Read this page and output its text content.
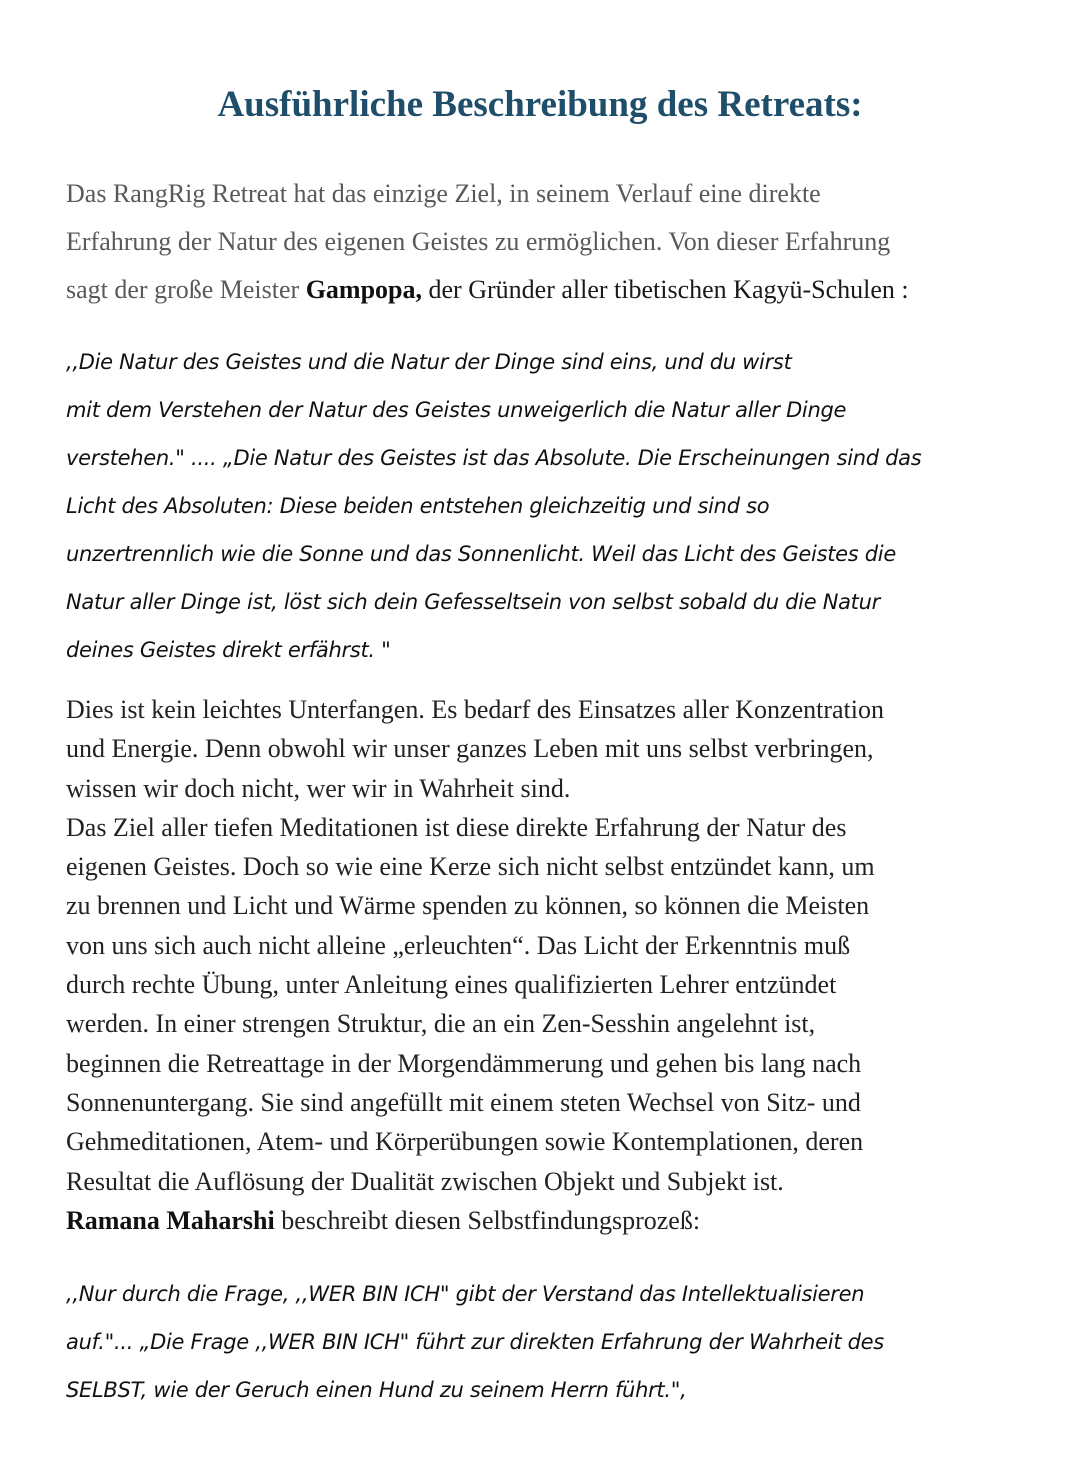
Ausführliche Beschreibung des Retreats:

Das RangRig Retreat hat das einzige Ziel, in seinem Verlauf eine direkte
Erfahrung der Natur des eigenen Geistes zu ermöglichen. Von dieser Erfahrung
sagt der große Meister Gampopa, der Gründer aller tibetischen Kagyü-Schulen :

,,Die Natur des Geistes und die Natur der Dinge sind eins, und du wirst
mit dem Verstehen der Natur des Geistes unweigerlich die Natur aller Dinge
verstehen." .... „Die Natur des Geistes ist das Absolute. Die Erscheinungen sind das
Licht des Absoluten: Diese beiden entstehen gleichzeitig und sind so
unzertrennlich wie die Sonne und das Sonnenlicht. Weil das Licht des Geistes die
Natur aller Dinge ist, löst sich dein Gefesseltsein von selbst sobald du die Natur
deines Geistes direkt erfährst. "

Dies ist kein leichtes Unterfangen. Es bedarf des Einsatzes aller Konzentration
und Energie. Denn obwohl wir unser ganzes Leben mit uns selbst verbringen,
wissen wir doch nicht, wer wir in Wahrheit sind.
Das Ziel aller tiefen Meditationen ist diese direkte Erfahrung der Natur des
eigenen Geistes. Doch so wie eine Kerze sich nicht selbst entzündet kann, um
zu brennen und Licht und Wärme spenden zu können, so können die Meisten
von uns sich auch nicht alleine „erleuchten“. Das Licht der Erkenntnis muß
durch rechte Übung, unter Anleitung eines qualifizierten Lehrer entzündet
werden. In einer strengen Struktur, die an ein Zen-Sesshin angelehnt ist,
beginnen die Retreattage in der Morgendämmerung und gehen bis lang nach
Sonnenuntergang. Sie sind angefüllt mit einem steten Wechsel von Sitz- und
Gehmeditationen, Atem- und Körperübungen sowie Kontemplationen, deren
Resultat die Auflösung der Dualität zwischen Objekt und Subjekt ist.
Ramana Maharshi beschreibt diesen Selbstfindungsprozeß:

,,Nur durch die Frage, ,,WER BIN ICH" gibt der Verstand das Intellektualisieren
auf."... „Die Frage ,,WER BIN ICH" führt zur direkten Erfahrung der Wahrheit des
SELBST, wie der Geruch einen Hund zu seinem Herrn führt.",
